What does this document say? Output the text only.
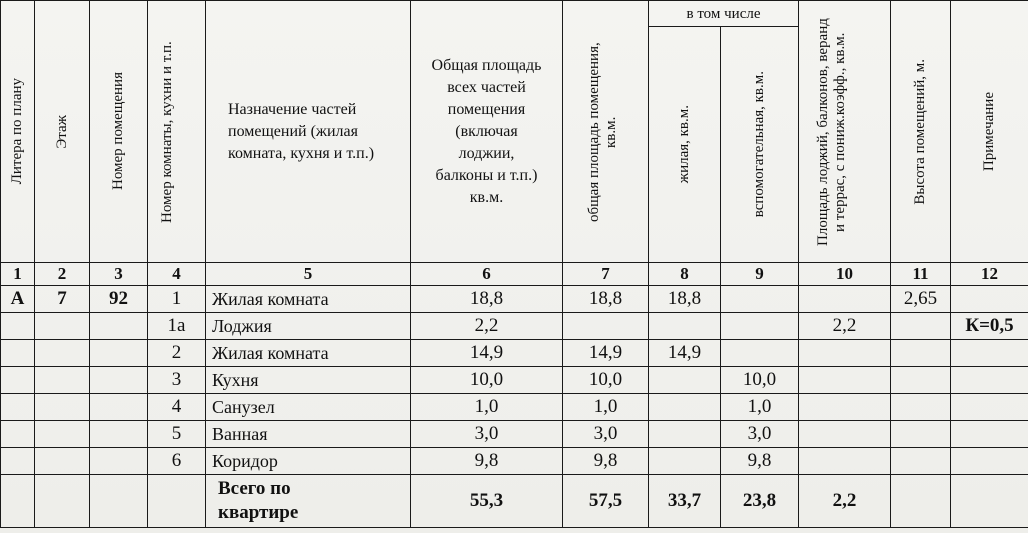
Литера по плану	Этаж	Номер помещения	Номер комнаты, кухни и т.п.	Назначение частей помещений (жилая комната, кухня и т.п.)	Общая площадь всех частей помещения (включая лоджии, балконы и т.п.) кв.м.	общая площадь помещения, кв.м.	в том числе		Площадь лоджий, балконов, веранд и террас, с пониж.коэфф., кв.м.	Высота помещений, м.	Примечание

							жилая, кв.м.	вспомогательная, кв.м.			

1	2	3	4	5	6	7	8	9	10	11	12
А	7	92	1	Жилая комната	18,8	18,8	18,8			2,65	
			1а	Лоджия	2,2				2,2		К=0,5
			2	Жилая комната	14,9	14,9	14,9				
			3	Кухня	10,0	10,0		10,0			
			4	Санузел	1,0	1,0		1,0			
			5	Ванная	3,0	3,0		3,0			
			6	Коридор	9,8	9,8		9,8			
				Всего по
квартире	55,3	57,5	33,7	23,8	2,2		
